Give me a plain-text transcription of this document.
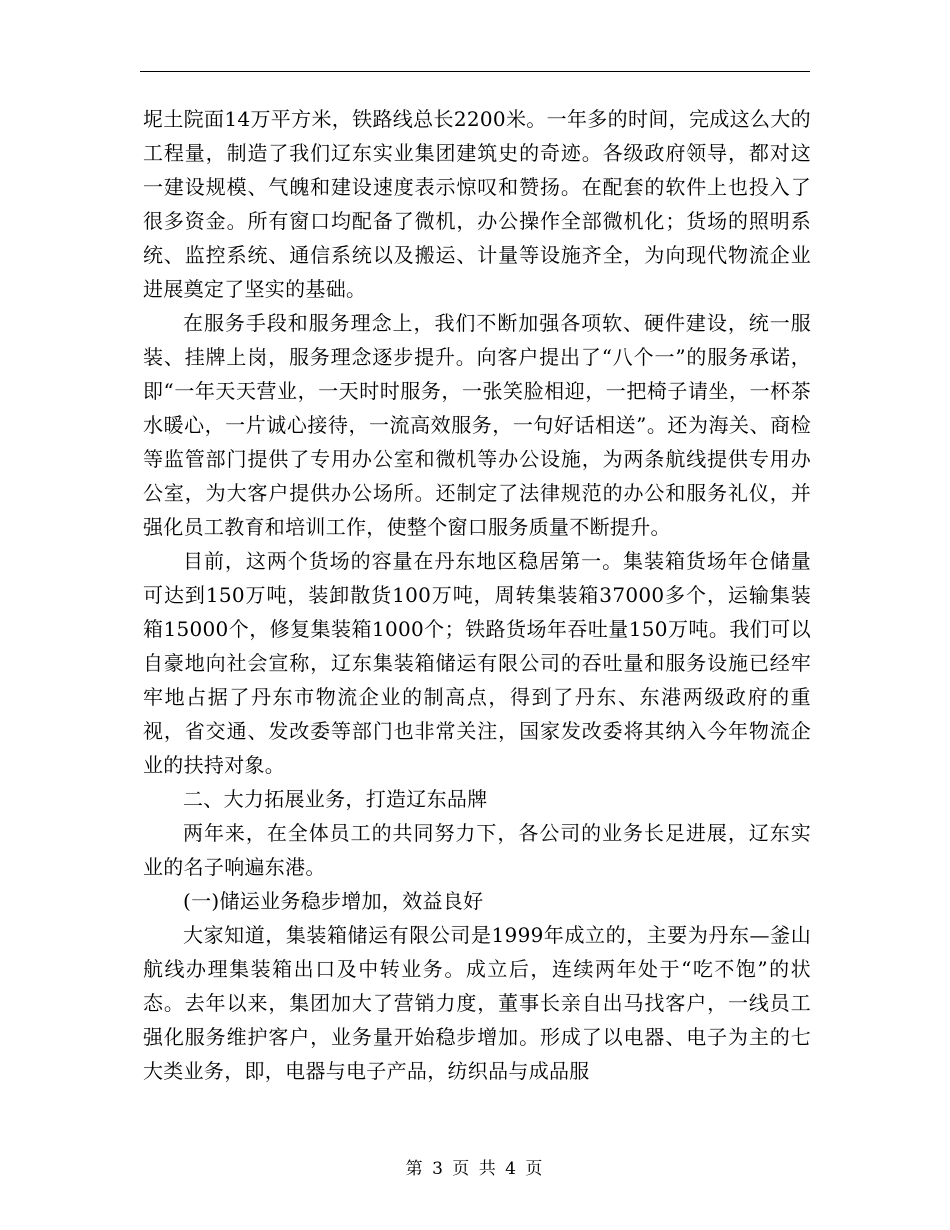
坭土院面14万平方米，铁路线总长2200米。一年多的时间，完成这么大的工程量，制造了我们辽东实业集团建筑史的奇迹。各级政府领导，都对这一建设规模、气魄和建设速度表示惊叹和赞扬。在配套的软件上也投入了很多资金。所有窗口均配备了微机，办公操作全部微机化；货场的照明系统、监控系统、通信系统以及搬运、计量等设施齐全，为向现代物流企业进展奠定了坚实的基础。

在服务手段和服务理念上，我们不断加强各项软、硬件建设，统一服装、挂牌上岗，服务理念逐步提升。向客户提出了“八个一”的服务承诺，即“一年天天营业，一天时时服务，一张笑脸相迎，一把椅子请坐，一杯茶水暖心，一片诚心接待，一流高效服务，一句好话相送”。还为海关、商检等监管部门提供了专用办公室和微机等办公设施，为两条航线提供专用办公室，为大客户提供办公场所。还制定了法律规范的办公和服务礼仪，并强化员工教育和培训工作，使整个窗口服务质量不断提升。

目前，这两个货场的容量在丹东地区稳居第一。集装箱货场年仓储量可达到150万吨，装卸散货100万吨，周转集装箱37000多个，运输集装箱15000个，修复集装箱1000个；铁路货场年吞吐量150万吨。我们可以自豪地向社会宣称，辽东集装箱储运有限公司的吞吐量和服务设施已经牢牢地占据了丹东市物流企业的制高点，得到了丹东、东港两级政府的重视，省交通、发改委等部门也非常关注，国家发改委将其纳入今年物流企业的扶持对象。

二、大力拓展业务，打造辽东品牌

两年来，在全体员工的共同努力下，各公司的业务长足进展，辽东实业的名子响遍东港。

(一)储运业务稳步增加，效益良好

大家知道，集装箱储运有限公司是1999年成立的，主要为丹东—釜山航线办理集装箱出口及中转业务。成立后，连续两年处于“吃不饱”的状态。去年以来，集团加大了营销力度，董事长亲自出马找客户，一线员工强化服务维护客户，业务量开始稳步增加。形成了以电器、电子为主的七大类业务，即，电器与电子产品，纺织品与成品服

第 3 页 共 4 页
